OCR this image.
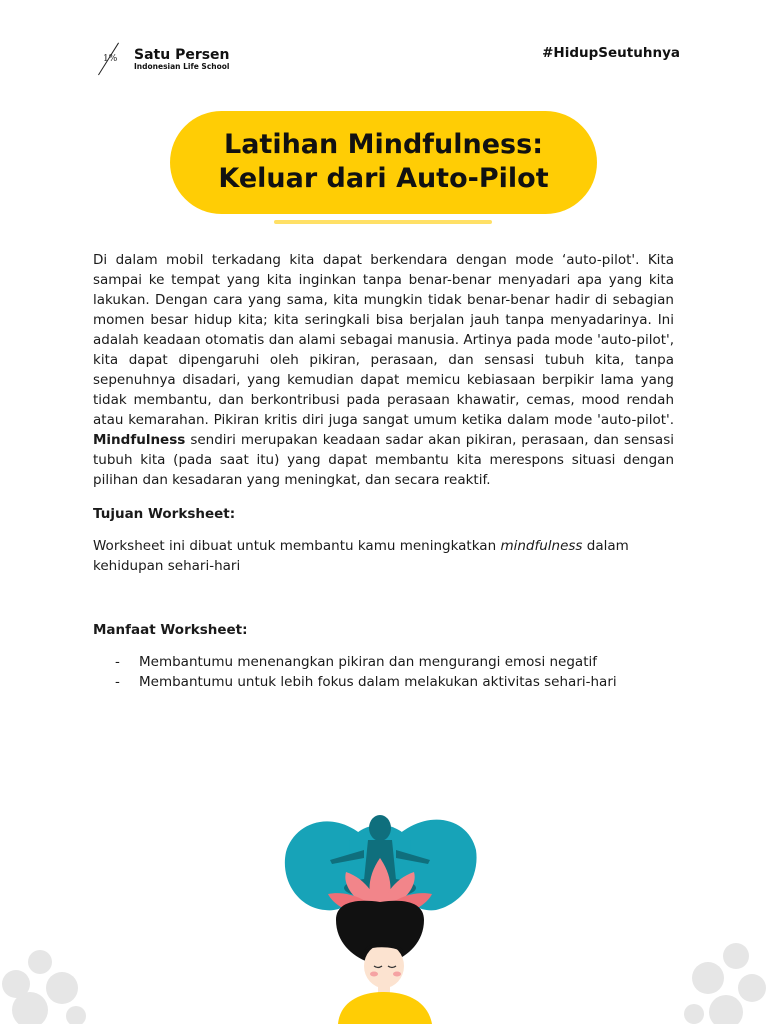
1% Satu Persen
Indonesian Life School
#HidupSeutuhnya
Latihan Mindfulness:
Keluar dari Auto-Pilot

Di dalam mobil terkadang kita dapat berkendara dengan mode ‘auto-pilot'. Kita sampai ke tempat yang kita inginkan tanpa benar-benar menyadari apa yang kita lakukan. Dengan cara yang sama, kita mungkin tidak benar-benar hadir di sebagian momen besar hidup kita; kita seringkali bisa berjalan jauh tanpa menyadarinya. Ini adalah keadaan otomatis dan alami sebagai manusia. Artinya pada mode 'auto-pilot', kita dapat dipengaruhi oleh pikiran, perasaan, dan sensasi tubuh kita, tanpa sepenuhnya disadari, yang kemudian dapat memicu kebiasaan berpikir lama yang tidak membantu, dan berkontribusi pada perasaan khawatir, cemas, mood rendah atau kemarahan. Pikiran kritis diri juga sangat umum ketika dalam mode 'auto-pilot'. Mindfulness sendiri merupakan keadaan sadar akan pikiran, perasaan, dan sensasi tubuh kita (pada saat itu) yang dapat membantu kita merespons situasi dengan pilihan dan kesadaran yang meningkat, dan secara reaktif.

Tujuan Worksheet:

Worksheet ini dibuat untuk membantu kamu meningkatkan mindfulness dalam kehidupan sehari-hari

Manfaat Worksheet:

- Membantumu menenangkan pikiran dan mengurangi emosi negatif
- Membantumu untuk lebih fokus dalam melakukan aktivitas sehari-hari
